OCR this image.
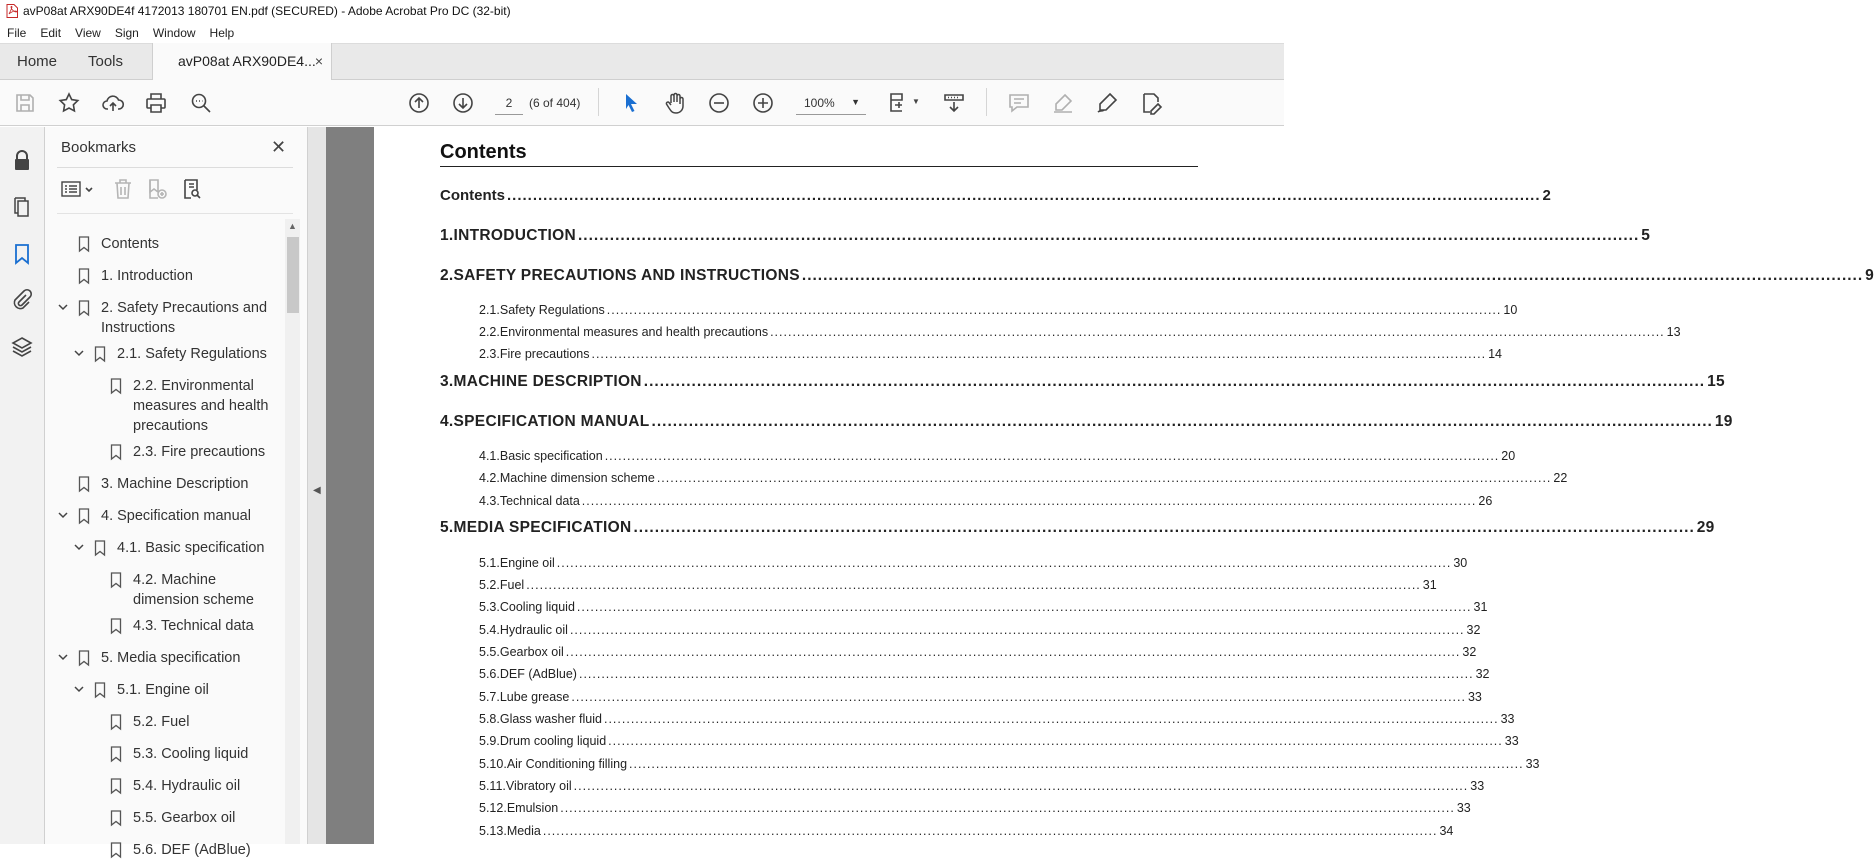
avP08at ARX90DE4f 4172013 180701 EN.pdf (SECURED) - Adobe Acrobat Pro DC (32-bit)
File	Edit	View	Sign	Window	Help
Home Tools	avP08at ARX90DE4... ×
▼
2
(6 of 404)	100% ▼
Bookmarks	✕
Contents
1. Introduction
2. Safety Precautions and
Instructions
2.1. Safety Regulations
2.2. Environmental
measures and health
precautions
2.3. Fire precautions
3. Machine Description
4. Specification manual
4.1. Basic specification
4.2. Machine
dimension scheme
4.3. Technical data
5. Media specification
5.1. Engine oil
5.2. Fuel
5.3. Cooling liquid
5.4. Hydraulic oil
5.5. Gearbox oil
5.6. DEF (AdBlue)
▲
◀
Contents
Contents ........................................................................................................................................................................................................ 2
1. INTRODUCTION ........................................................................................................................................................................................................ 5
2. SAFETY PRECAUTIONS AND INSTRUCTIONS ........................................................................................................................................................................................................ 9
2.1. Safety Regulations ........................................................................................................................................................................................................ 10
2.2. Environmental measures and health precautions ........................................................................................................................................................................................................ 13
2.3. Fire precautions ........................................................................................................................................................................................................ 14
3. MACHINE DESCRIPTION ........................................................................................................................................................................................................ 15
4. SPECIFICATION MANUAL ........................................................................................................................................................................................................ 19
4.1. Basic specification ........................................................................................................................................................................................................ 20
4.2. Machine dimension scheme ........................................................................................................................................................................................................ 22
4.3. Technical data ........................................................................................................................................................................................................ 26
5. MEDIA SPECIFICATION ........................................................................................................................................................................................................ 29
5.1. Engine oil ........................................................................................................................................................................................................ 30
5.2. Fuel ........................................................................................................................................................................................................ 31
5.3. Cooling liquid ........................................................................................................................................................................................................ 31
5.4. Hydraulic oil ........................................................................................................................................................................................................ 32
5.5. Gearbox oil ........................................................................................................................................................................................................ 32
5.6. DEF (AdBlue) ........................................................................................................................................................................................................ 32
5.7. Lube grease ........................................................................................................................................................................................................ 33
5.8. Glass washer fluid ........................................................................................................................................................................................................ 33
5.9. Drum cooling liquid ........................................................................................................................................................................................................ 33
5.10. Air Conditioning filling ........................................................................................................................................................................................................ 33
5.11. Vibratory oil ........................................................................................................................................................................................................ 33
5.12. Emulsion ........................................................................................................................................................................................................ 33
5.13. Media ........................................................................................................................................................................................................ 34
